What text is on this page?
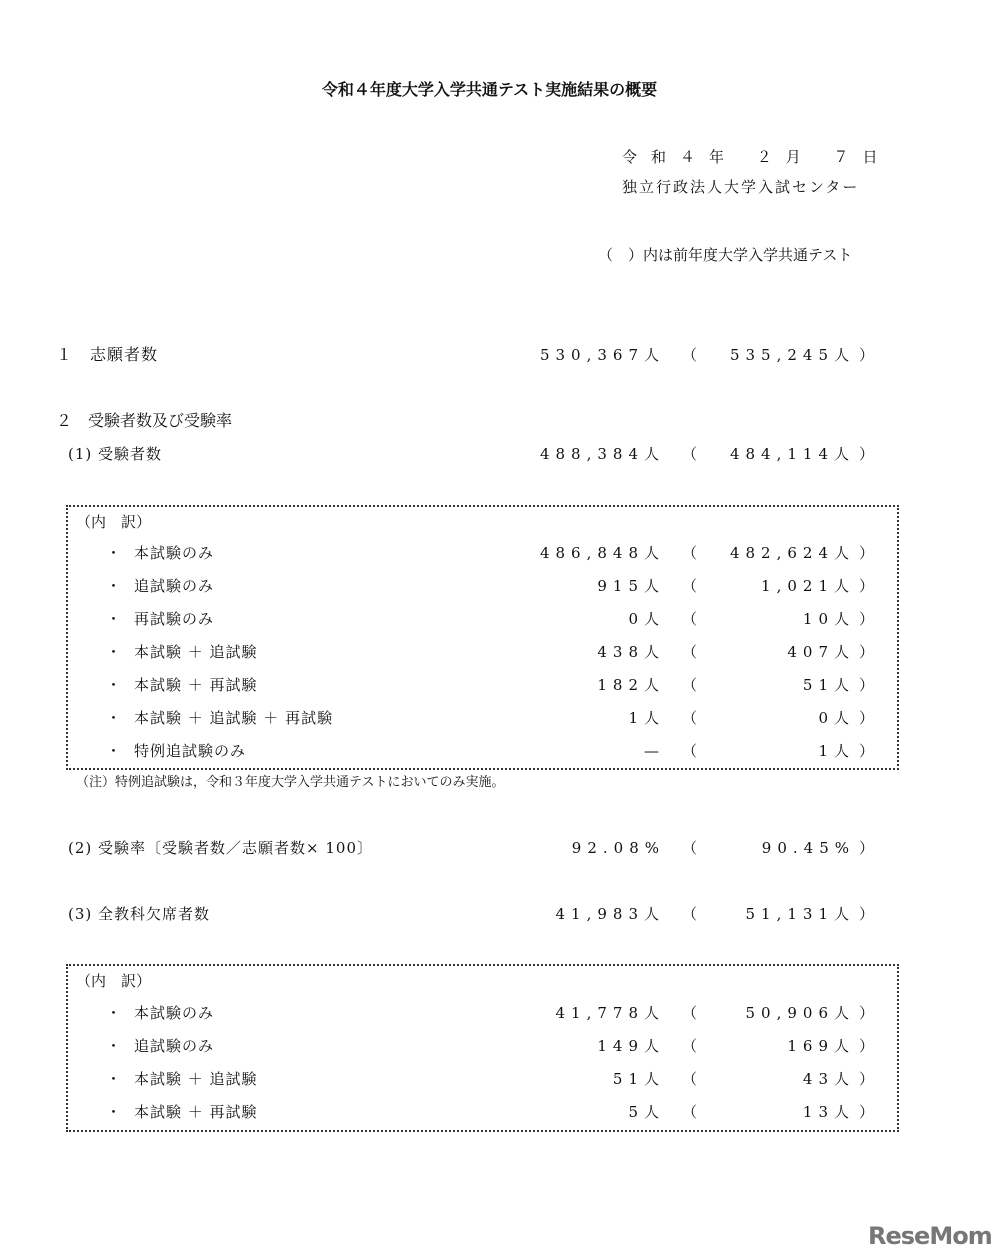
令和４年度大学入学共通テスト実施結果の概要
令和４年 ２月 ７日
独立行政法人大学入試センター
（　）内は前年度大学入学共通テスト
１　志願者数	530,367人 （ 535,245人 ）
(1) 受験者数	488,384人 （ 484,114人 ）
・ 本試験のみ	486,848人 （ 482,624人 ）
・ 追試験のみ	915人 （	1,021人 ）
・ 再試験のみ	0人 （	10人 ）
・ 本試験 ＋ 追試験	438人 （	407人 ）
・ 本試験 ＋ 再試験	182人 （	51人 ）
・ 本試験 ＋ 追試験 ＋ 再試験	1人 （	0人 ）
・ 特例追試験のみ	— （	1人 ）
(2) 受験率〔受験者数／志願者数× 100〕	92.08% （	90.45% ）
(3) 全教科欠席者数	41,983人 （	51,131人 ）
・ 本試験のみ	41,778人 （	50,906人 ）
・ 追試験のみ	149人 （	169人 ）
・ 本試験 ＋ 追試験	51人 （	43人 ）
・ 本試験 ＋ 再試験	5人 （	13人 ）
２　受験者数及び受験率
（内　訳）
（注）特例追試験は，令和３年度大学入学共通テストにおいてのみ実施。
（内　訳）
ReseMom
